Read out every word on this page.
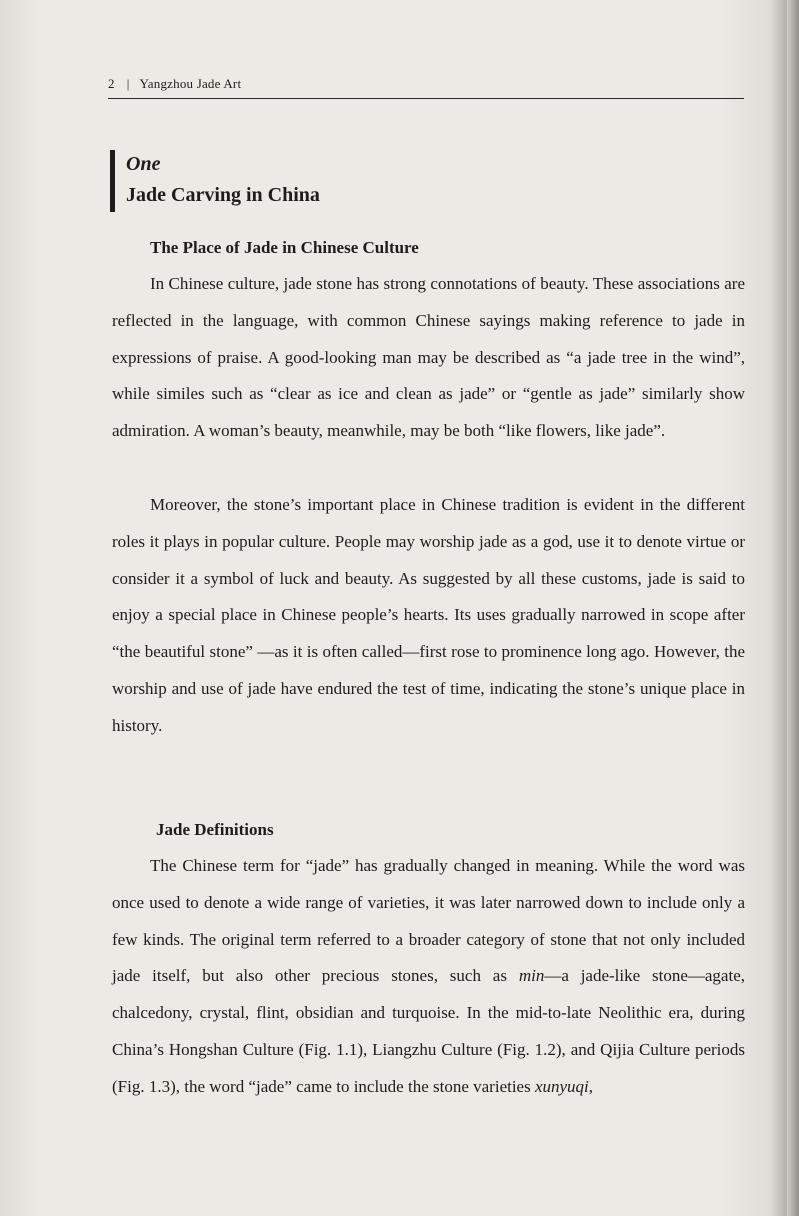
2 | Yangzhou Jade Art
One
Jade Carving in China
The Place of Jade in Chinese Culture

In Chinese culture, jade stone has strong connotations of beauty. These associations are reflected in the language, with common Chinese sayings making reference to jade in expressions of praise. A good-looking man may be described as “a jade tree in the wind”, while similes such as “clear as ice and clean as jade” or “gentle as jade” similarly show admiration. A woman’s beauty, meanwhile, may be both “like flowers, like jade”.

Moreover, the stone’s important place in Chinese tradition is evident in the different roles it plays in popular culture. People may worship jade as a god, use it to denote virtue or consider it a symbol of luck and beauty. As suggested by all these customs, jade is said to enjoy a special place in Chinese people’s hearts. Its uses gradually narrowed in scope after “the beautiful stone” —as it is often called—first rose to prominence long ago. However, the worship and use of jade have endured the test of time, indicating the stone’s unique place in history.

Jade Definitions

The Chinese term for “jade” has gradually changed in meaning. While the word was once used to denote a wide range of varieties, it was later narrowed down to include only a few kinds. The original term referred to a broader category of stone that not only included jade itself, but also other precious stones, such as min—a jade-like stone—agate, chalcedony, crystal, flint, obsidian and turquoise. In the mid-to-late Neolithic era, during China’s Hongshan Culture (Fig. 1.1), Liangzhu Culture (Fig. 1.2), and Qijia Culture periods (Fig. 1.3), the word “jade” came to include the stone varieties xunyuqi,
